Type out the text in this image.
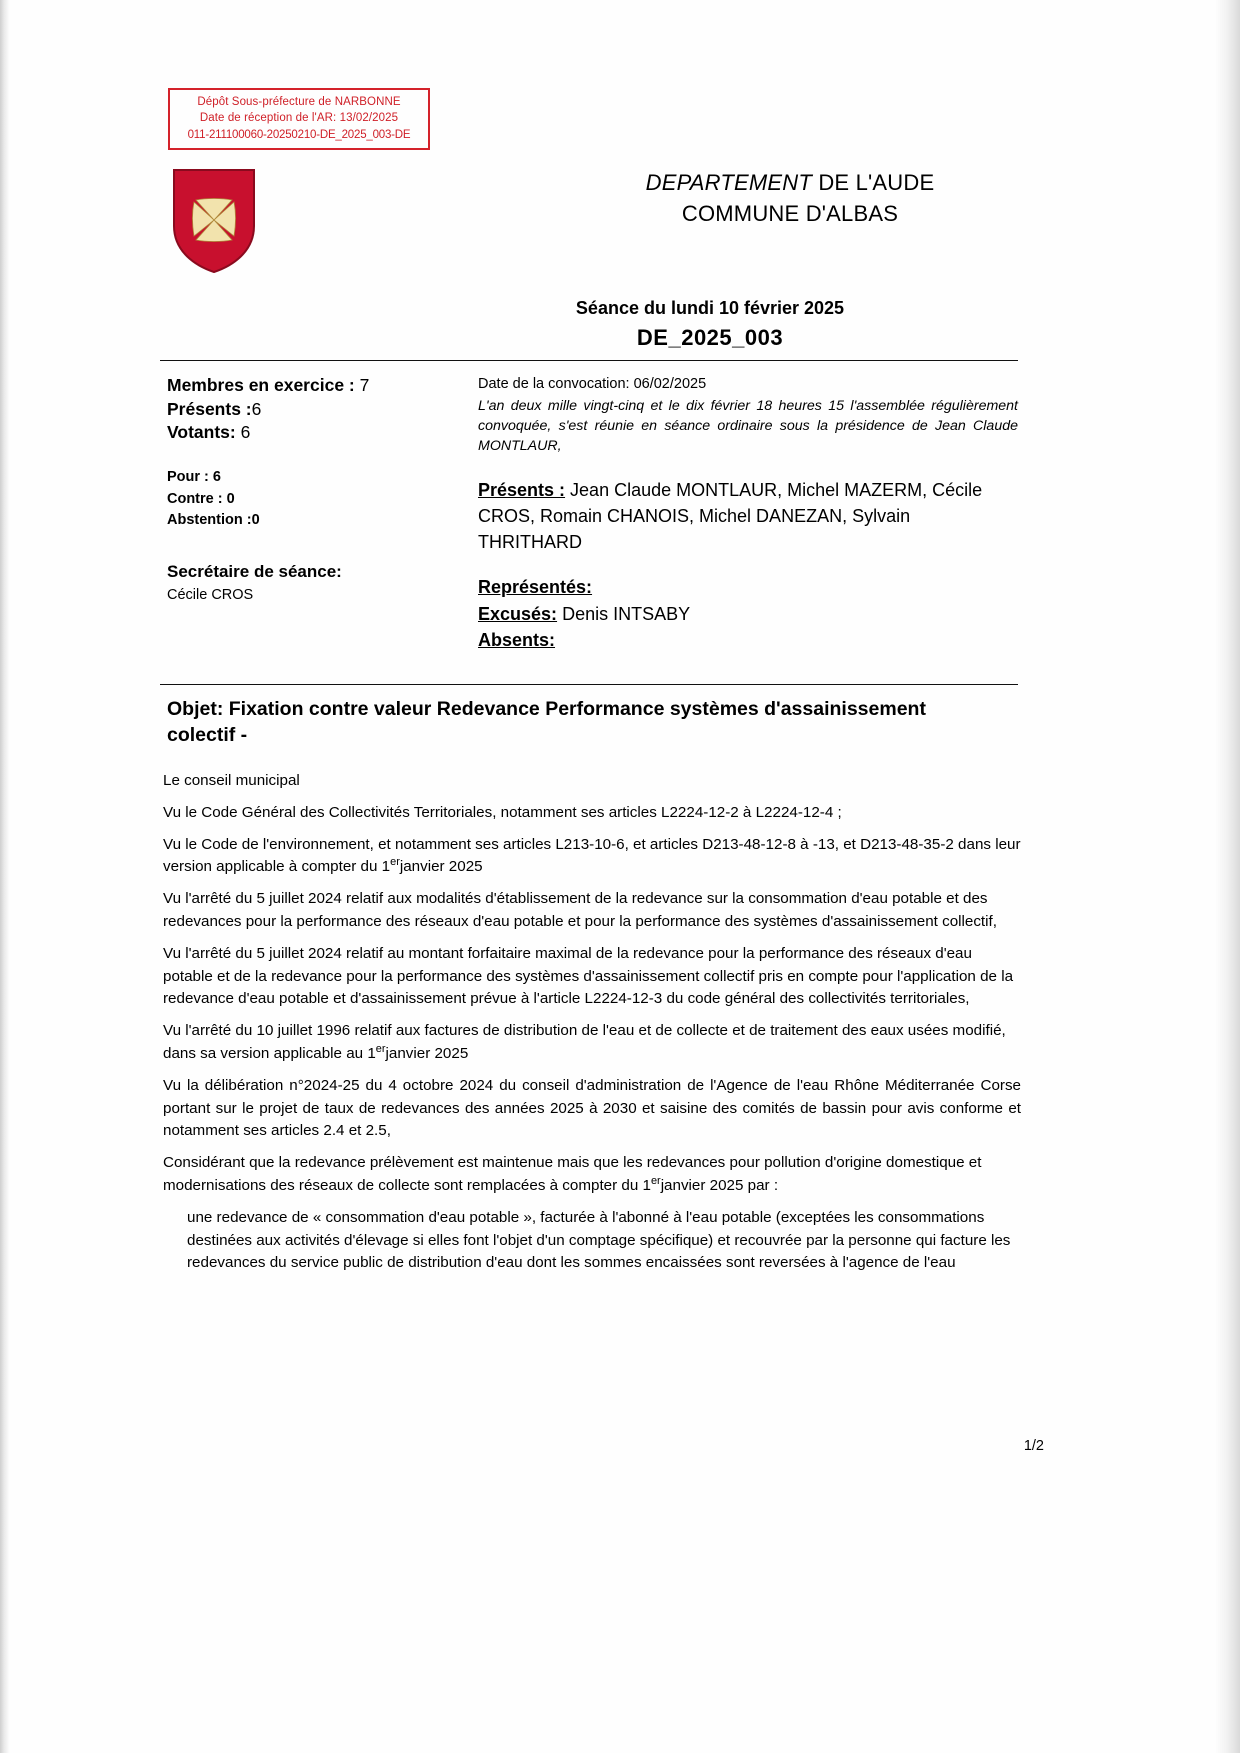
Dépôt Sous-préfecture de NARBONNE
Date de réception de l'AR: 13/02/2025
011-211100060-20250210-DE_2025_003-DE
DEPARTEMENT DE L'AUDE
COMMUNE D'ALBAS
Séance du lundi 10 février 2025
DE_2025_003
Membres en exercice : 7
Présents :6
Votants: 6
Pour : 6
Contre : 0
Abstention :0
Secrétaire de séance:
Cécile CROS
Date de la convocation: 06/02/2025
L'an deux mille vingt-cinq et le dix février 18 heures 15 l'assemblée régulièrement convoquée, s'est réunie en séance ordinaire sous la présidence de Jean Claude MONTLAUR,
Présents : Jean Claude MONTLAUR, Michel MAZERM, Cécile CROS, Romain CHANOIS, Michel DANEZAN, Sylvain THRITHARD
Représentés:
Excusés: Denis INTSABY
Absents:
Objet: Fixation contre valeur Redevance Performance systèmes d'assainissement colectif -

Le conseil municipal

Vu le Code Général des Collectivités Territoriales, notamment ses articles L2224-12-2 à L2224-12-4 ;

Vu le Code de l'environnement, et notamment ses articles L213-10-6, et articles D213-48-12-8 à -13, et D213-48-35-2 dans leur version applicable à compter du 1erjanvier 2025

Vu l'arrêté du 5 juillet 2024 relatif aux modalités d'établissement de la redevance sur la consommation d'eau potable et des redevances pour la performance des réseaux d'eau potable et pour la performance des systèmes d'assainissement collectif,

Vu l'arrêté du 5 juillet 2024 relatif au montant forfaitaire maximal de la redevance pour la performance des réseaux d'eau potable et de la redevance pour la performance des systèmes d'assainissement collectif pris en compte pour l'application de la redevance d'eau potable et d'assainissement prévue à l'article L2224-12-3 du code général des collectivités territoriales,

Vu l'arrêté du 10 juillet 1996 relatif aux factures de distribution de l'eau et de collecte et de traitement des eaux usées modifié, dans sa version applicable au 1erjanvier 2025

Vu la délibération n°2024-25 du 4 octobre 2024 du conseil d'administration de l'Agence de l'eau Rhône Méditerranée Corse portant sur le projet de taux de redevances des années 2025 à 2030 et saisine des comités de bassin pour avis conforme et notamment ses articles 2.4 et 2.5,

Considérant que la redevance prélèvement est maintenue mais que les redevances pour pollution d'origine domestique et modernisations des réseaux de collecte sont remplacées à compter du 1erjanvier 2025 par :

une redevance de « consommation d'eau potable », facturée à l'abonné à l'eau potable (exceptées les consommations destinées aux activités d'élevage si elles font l'objet d'un comptage spécifique) et recouvrée par la personne qui facture les redevances du service public de distribution d'eau dont les sommes encaissées sont reversées à l'agence de l'eau

1/2
